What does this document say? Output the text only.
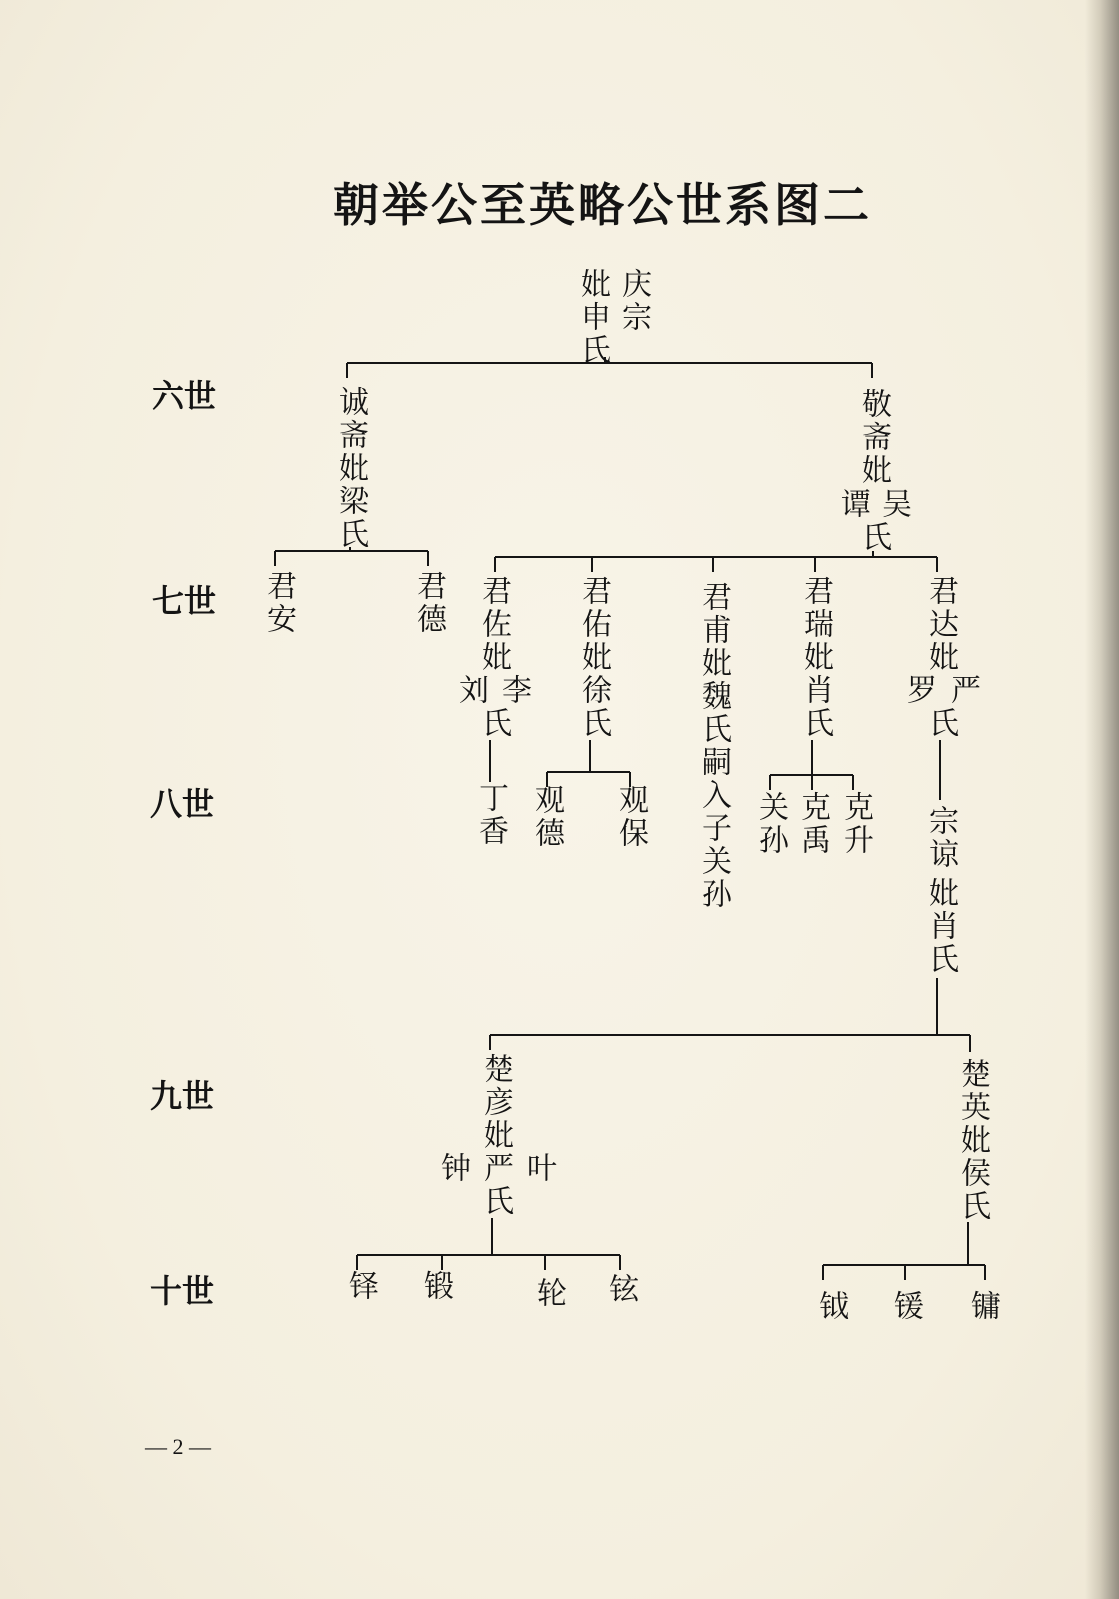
朝举公至英略公世系图二
六世
七世
八世
九世
十世
庆宗
妣申氏
诚斋妣梁氏	敬斋妣
吴
谭
氏
君安	君德 君佐妣
李
刘
氏 君佑妣徐氏	君甫妣魏氏嗣入子关孙 君瑞妣肖氏	君达妣
严
罗
氏
丁香 观德 观保	关孙 克禹 克升 宗谅
妣肖氏
楚彦妣
叶
严
钟
氏	楚英妣侯氏
铎 锻	轮 铉
钺 锾 镛
— 2 —
